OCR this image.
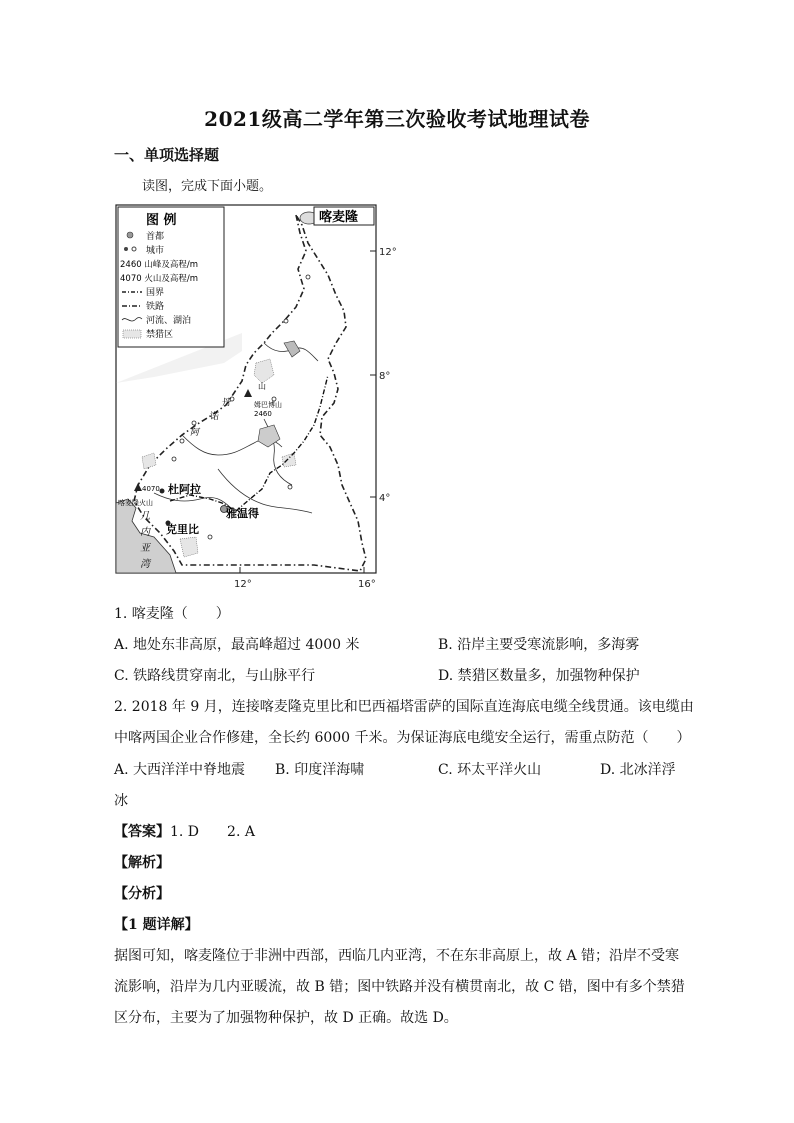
2021级高二学年第三次验收考试地理试卷
一、单项选择题
读图，完成下面小题。
12°
8°
4°
12°	16°
喀麦隆
图 例
首都
城市
2460 山峰及高程/m
4070 火山及高程/m
国界
铁路
河流、湖泊
禁猎区
山
丹
诺
姆巴博山
2460
阿
4070
喀麦隆火山
杜阿拉
雅温得
克里比
几
内
亚
湾
1. 喀麦隆（　　）
A. 地处东非高原，最高峰超过 4000 米	B. 沿岸主要受寒流影响，多海雾
C. 铁路线贯穿南北，与山脉平行	D. 禁猎区数量多，加强物种保护
2. 2018 年 9 月，连接喀麦隆克里比和巴西福塔雷萨的国际直连海底电缆全线贯通。该电缆由
中喀两国企业合作修建，全长约 6000 千米。为保证海底电缆安全运行，需重点防范（　　）
A. 大西洋洋中脊地震 B. 印度洋海啸	C. 环太平洋火山	D. 北冰洋浮
冰
【答案】1. D　　2. A
【解析】
【分析】
【1 题详解】
据图可知，喀麦隆位于非洲中西部，西临几内亚湾，不在东非高原上，故 A 错；沿岸不受寒
流影响，沿岸为几内亚暖流，故 B 错；图中铁路并没有横贯南北，故 C 错，图中有多个禁猎
区分布，主要为了加强物种保护，故 D 正确。故选 D。
